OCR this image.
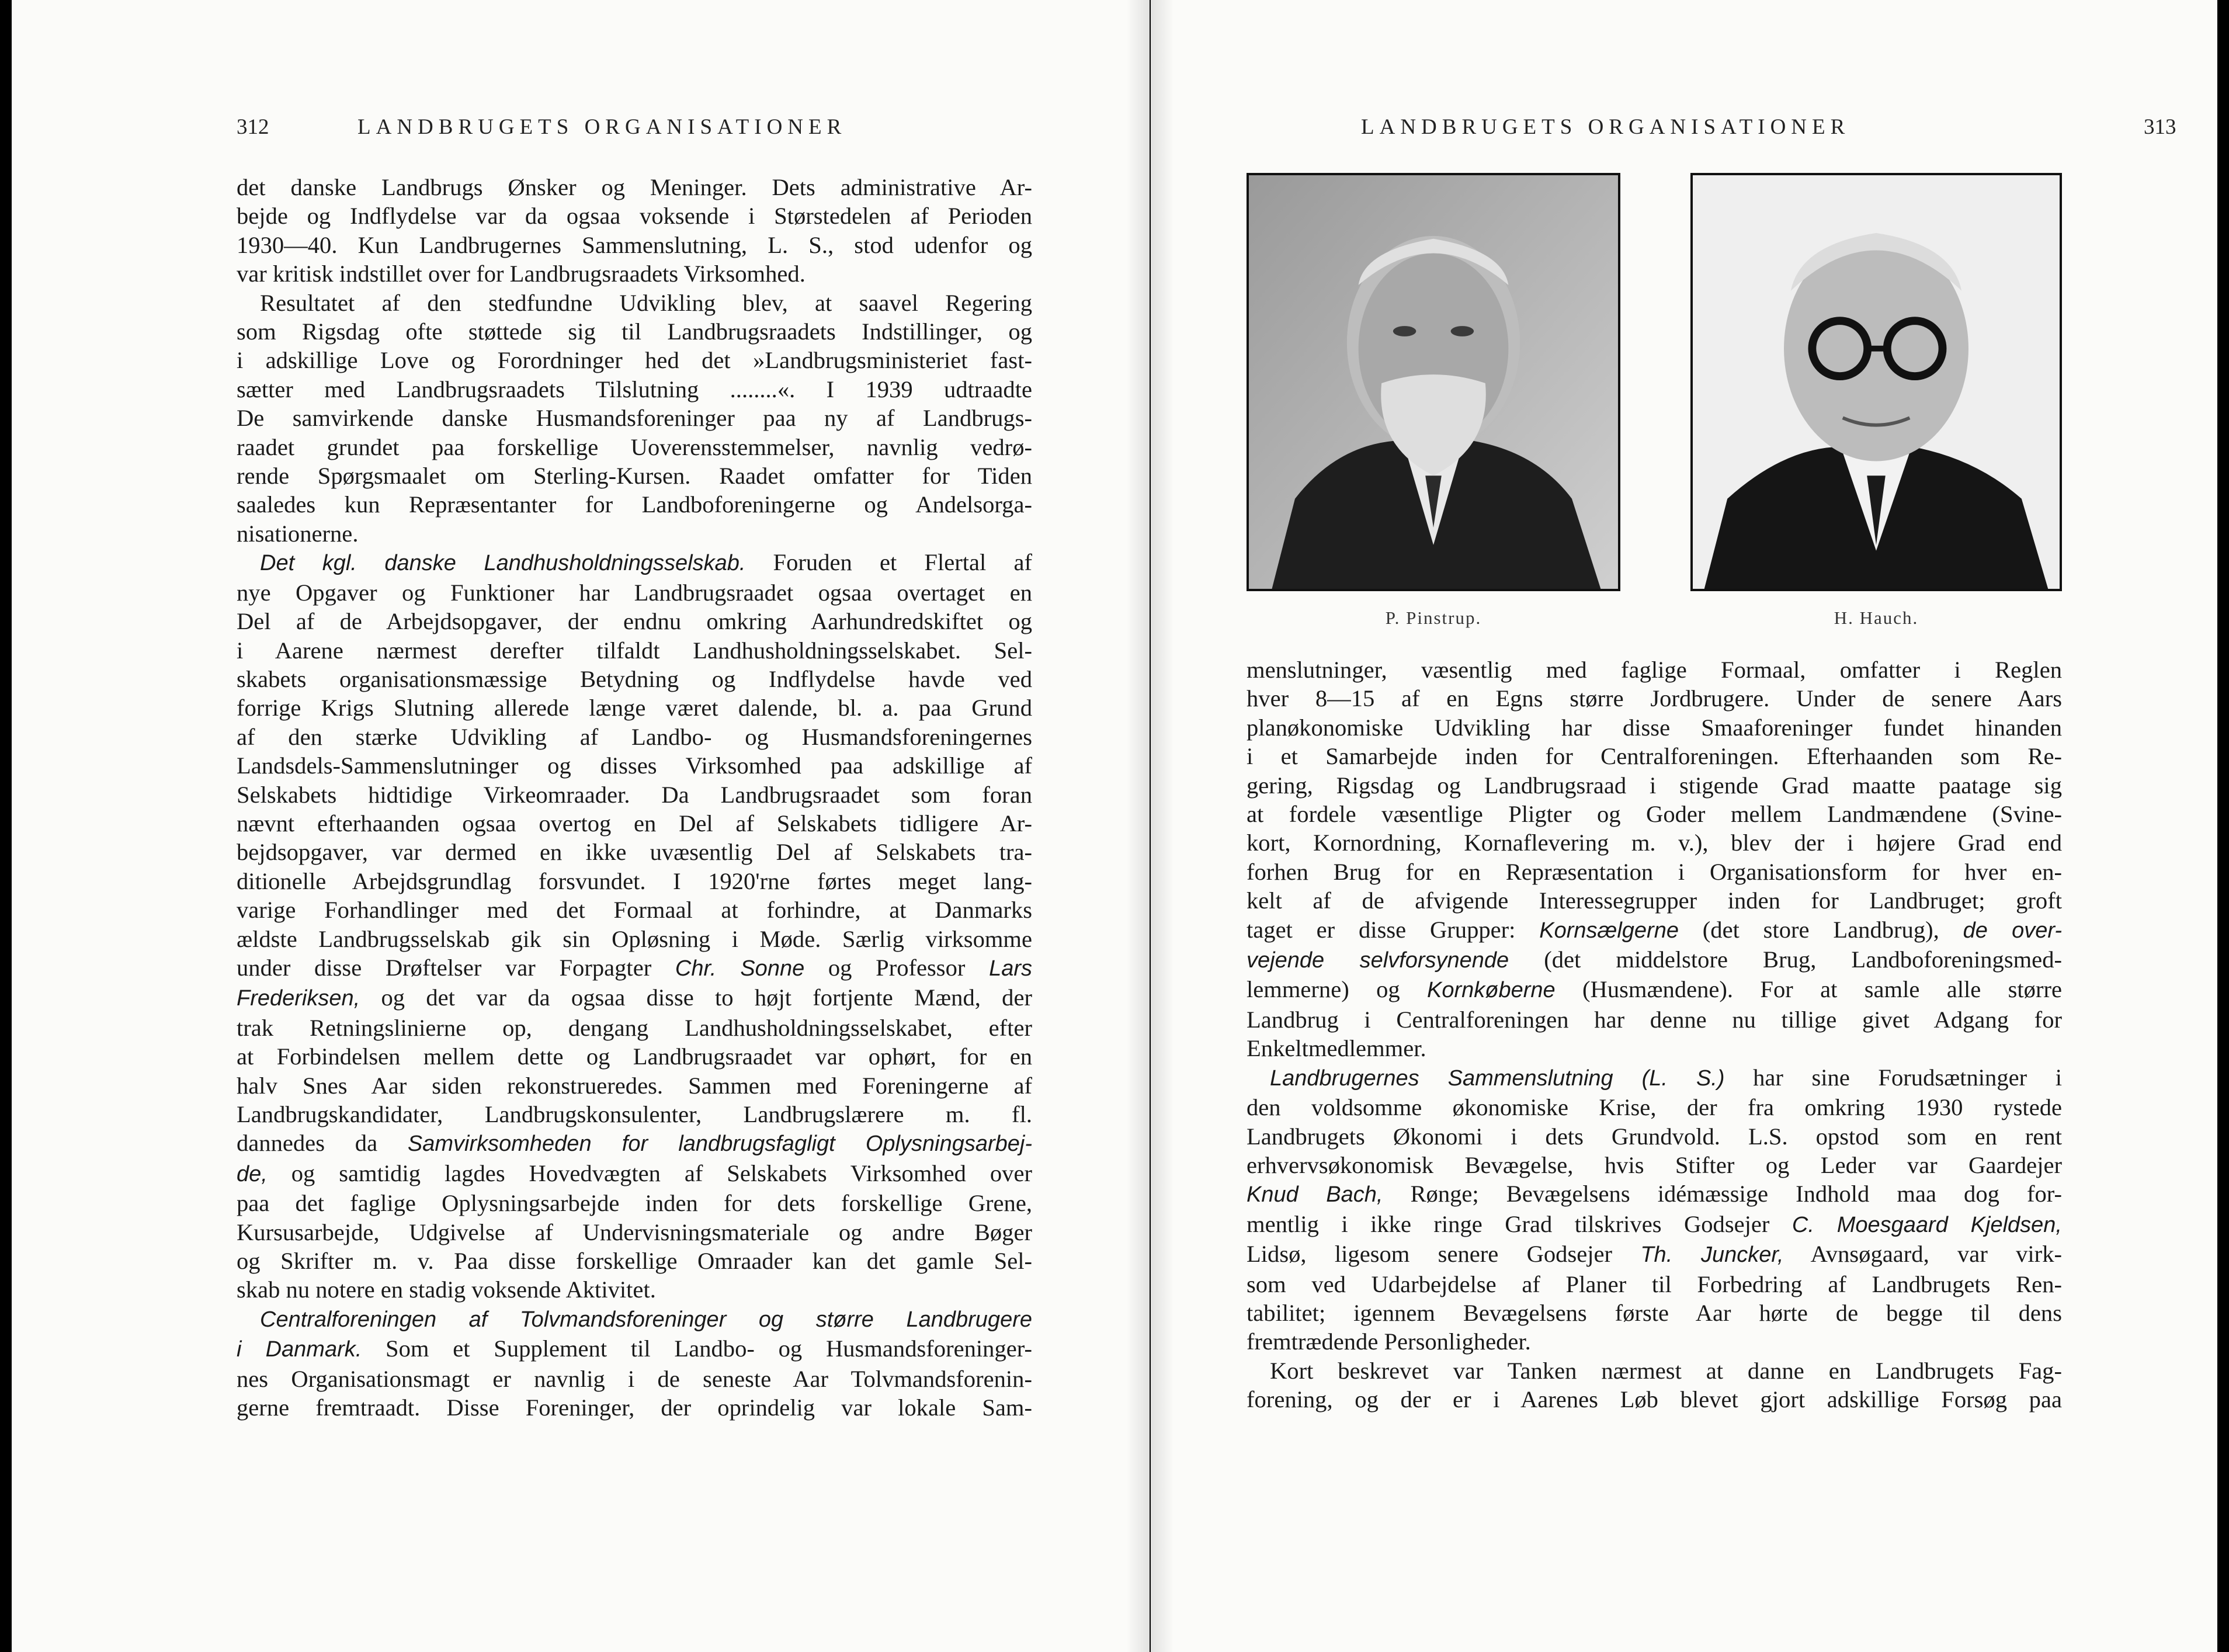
312	LANDBRUGETS ORGANISATIONER
det danske Landbrugs Ønsker og Meninger. Dets administrative Ar-
bejde og Indflydelse var da ogsaa voksende i Størstedelen af Perioden
1930—40. Kun Landbrugernes Sammenslutning, L. S., stod udenfor og
var kritisk indstillet over for Landbrugsraadets Virksomhed.
Resultatet af den stedfundne Udvikling blev, at saavel Regering
som Rigsdag ofte støttede sig til Landbrugsraadets Indstillinger, og
i adskillige Love og Forordninger hed det »Landbrugsministeriet fast-
sætter med Landbrugsraadets Tilslutning ........«. I 1939 udtraadte
De samvirkende danske Husmandsforeninger paa ny af Landbrugs-
raadet grundet paa forskellige Uoverensstemmelser, navnlig vedrø-
rende Spørgsmaalet om Sterling-Kursen. Raadet omfatter for Tiden
saaledes kun Repræsentanter for Landboforeningerne og Andelsorga-
nisationerne.
Det kgl. danske Landhusholdningsselskab. Foruden et Flertal af
nye Opgaver og Funktioner har Landbrugsraadet ogsaa overtaget en
Del af de Arbejdsopgaver, der endnu omkring Aarhundredskiftet og
i Aarene nærmest derefter tilfaldt Landhusholdningsselskabet. Sel-
skabets organisationsmæssige Betydning og Indflydelse havde ved
forrige Krigs Slutning allerede længe været dalende, bl. a. paa Grund
af den stærke Udvikling af Landbo- og Husmandsforeningernes
Landsdels-Sammenslutninger og disses Virksomhed paa adskillige af
Selskabets hidtidige Virkeomraader. Da Landbrugsraadet som foran
nævnt efterhaanden ogsaa overtog en Del af Selskabets tidligere Ar-
bejdsopgaver, var dermed en ikke uvæsentlig Del af Selskabets tra-
ditionelle Arbejdsgrundlag forsvundet. I 1920'rne førtes meget lang-
varige Forhandlinger med det Formaal at forhindre, at Danmarks
ældste Landbrugsselskab gik sin Opløsning i Møde. Særlig virksomme
under disse Drøftelser var Forpagter Chr. Sonne og Professor Lars
Frederiksen, og det var da ogsaa disse to højt fortjente Mænd, der
trak Retningslinierne op, dengang Landhusholdningsselskabet, efter
at Forbindelsen mellem dette og Landbrugsraadet var ophørt, for en
halv Snes Aar siden rekonstrueredes. Sammen med Foreningerne af
Landbrugskandidater, Landbrugskonsulenter, Landbrugslærere m. fl.
dannedes da Samvirksomheden for landbrugsfagligt Oplysningsarbej-
de, og samtidig lagdes Hovedvægten af Selskabets Virksomhed over
paa det faglige Oplysningsarbejde inden for dets forskellige Grene,
Kursusarbejde, Udgivelse af Undervisningsmateriale og andre Bøger
og Skrifter m. v. Paa disse forskellige Omraader kan det gamle Sel-
skab nu notere en stadig voksende Aktivitet.
Centralforeningen af Tolvmandsforeninger og større Landbrugere
i Danmark. Som et Supplement til Landbo- og Husmandsforeninger-
nes Organisationsmagt er navnlig i de seneste Aar Tolvmandsforenin-
gerne fremtraadt. Disse Foreninger, der oprindelig var lokale Sam-
LANDBRUGETS ORGANISATIONER	313
P. Pinstrup.	H. Hauch.
menslutninger, væsentlig med faglige Formaal, omfatter i Reglen
hver 8—15 af en Egns større Jordbrugere. Under de senere Aars
planøkonomiske Udvikling har disse Smaaforeninger fundet hinanden
i et Samarbejde inden for Centralforeningen. Efterhaanden som Re-
gering, Rigsdag og Landbrugsraad i stigende Grad maatte paatage sig
at fordele væsentlige Pligter og Goder mellem Landmændene (Svine-
kort, Kornordning, Kornaflevering m. v.), blev der i højere Grad end
forhen Brug for en Repræsentation i Organisationsform for hver en-
kelt af de afvigende Interessegrupper inden for Landbruget; groft
taget er disse Grupper: Kornsælgerne (det store Landbrug), de over-
vejende selvforsynende (det middelstore Brug, Landboforeningsmed-
lemmerne) og Kornkøberne (Husmændene). For at samle alle større
Landbrug i Centralforeningen har denne nu tillige givet Adgang for
Enkeltmedlemmer.
Landbrugernes Sammenslutning (L. S.) har sine Forudsætninger i
den voldsomme økonomiske Krise, der fra omkring 1930 rystede
Landbrugets Økonomi i dets Grundvold. L.S. opstod som en rent
erhvervsøkonomisk Bevægelse, hvis Stifter og Leder var Gaardejer
Knud Bach, Rønge; Bevægelsens idémæssige Indhold maa dog for-
mentlig i ikke ringe Grad tilskrives Godsejer C. Moesgaard Kjeldsen,
Lidsø, ligesom senere Godsejer Th. Juncker, Avnsøgaard, var virk-
som ved Udarbejdelse af Planer til Forbedring af Landbrugets Ren-
tabilitet; igennem Bevægelsens første Aar hørte de begge til dens
fremtrædende Personligheder.
Kort beskrevet var Tanken nærmest at danne en Landbrugets Fag-
forening, og der er i Aarenes Løb blevet gjort adskillige Forsøg paa
